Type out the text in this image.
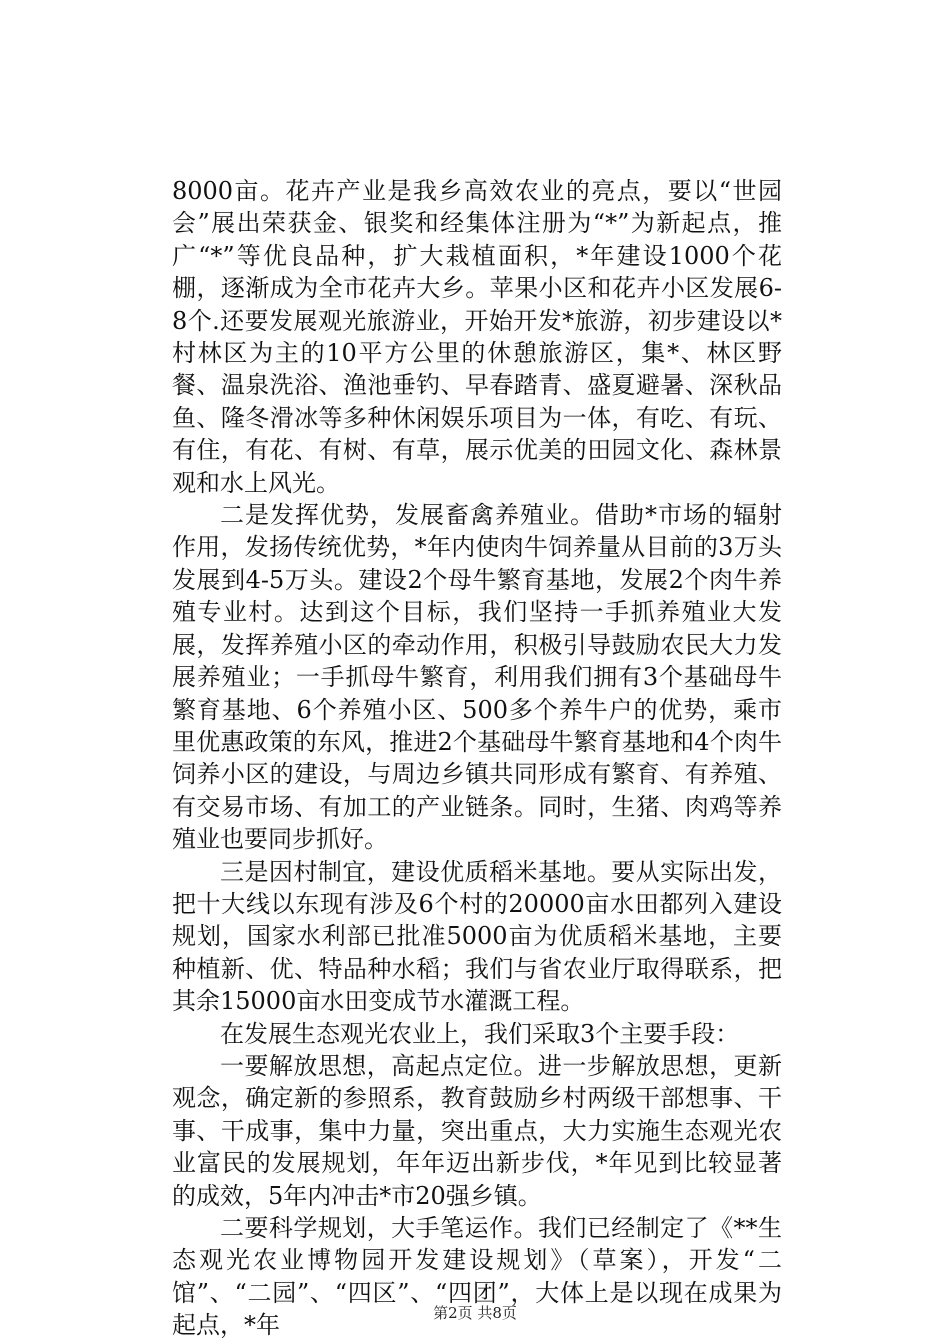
8000亩。花卉产业是我乡高效农业的亮点，要以“世园会”展出荣获金、银奖和经集体注册为“*”为新起点，推广“*”等优良品种，扩大栽植面积，*年建设1000个花棚，逐渐成为全市花卉大乡。苹果小区和花卉小区发展6-8个.还要发展观光旅游业，开始开发*旅游，初步建设以*村林区为主的10平方公里的休憩旅游区，集*、林区野餐、温泉洗浴、渔池垂钓、早春踏青、盛夏避暑、深秋品鱼、隆冬滑冰等多种休闲娱乐项目为一体，有吃、有玩、有住，有花、有树、有草，展示优美的田园文化、森林景观和水上风光。

二是发挥优势，发展畜禽养殖业。借助*市场的辐射作用，发扬传统优势，*年内使肉牛饲养量从目前的3万头发展到4-5万头。建设2个母牛繁育基地，发展2个肉牛养殖专业村。达到这个目标，我们坚持一手抓养殖业大发展，发挥养殖小区的牵动作用，积极引导鼓励农民大力发展养殖业；一手抓母牛繁育，利用我们拥有3个基础母牛繁育基地、6个养殖小区、500多个养牛户的优势，乘市里优惠政策的东风，推进2个基础母牛繁育基地和4个肉牛饲养小区的建设，与周边乡镇共同形成有繁育、有养殖、有交易市场、有加工的产业链条。同时，生猪、肉鸡等养殖业也要同步抓好。

三是因村制宜，建设优质稻米基地。要从实际出发，把十大线以东现有涉及6个村的20000亩水田都列入建设规划，国家水利部已批准5000亩为优质稻米基地，主要种植新、优、特品种水稻；我们与省农业厅取得联系，把其余15000亩水田变成节水灌溉工程。

在发展生态观光农业上，我们采取3个主要手段：

一要解放思想，高起点定位。进一步解放思想，更新观念，确定新的参照系，教育鼓励乡村两级干部想事、干事、干成事，集中力量，突出重点，大力实施生态观光农业富民的发展规划，年年迈出新步伐，*年见到比较显著的成效，5年内冲击*市20强乡镇。

二要科学规划，大手笔运作。我们已经制定了《**生态观光农业博物园开发建设规划》（草案），开发“二馆”、“二园”、“四区”、“四团”，大体上是以现在成果为起点，*年	第2页 共8页
